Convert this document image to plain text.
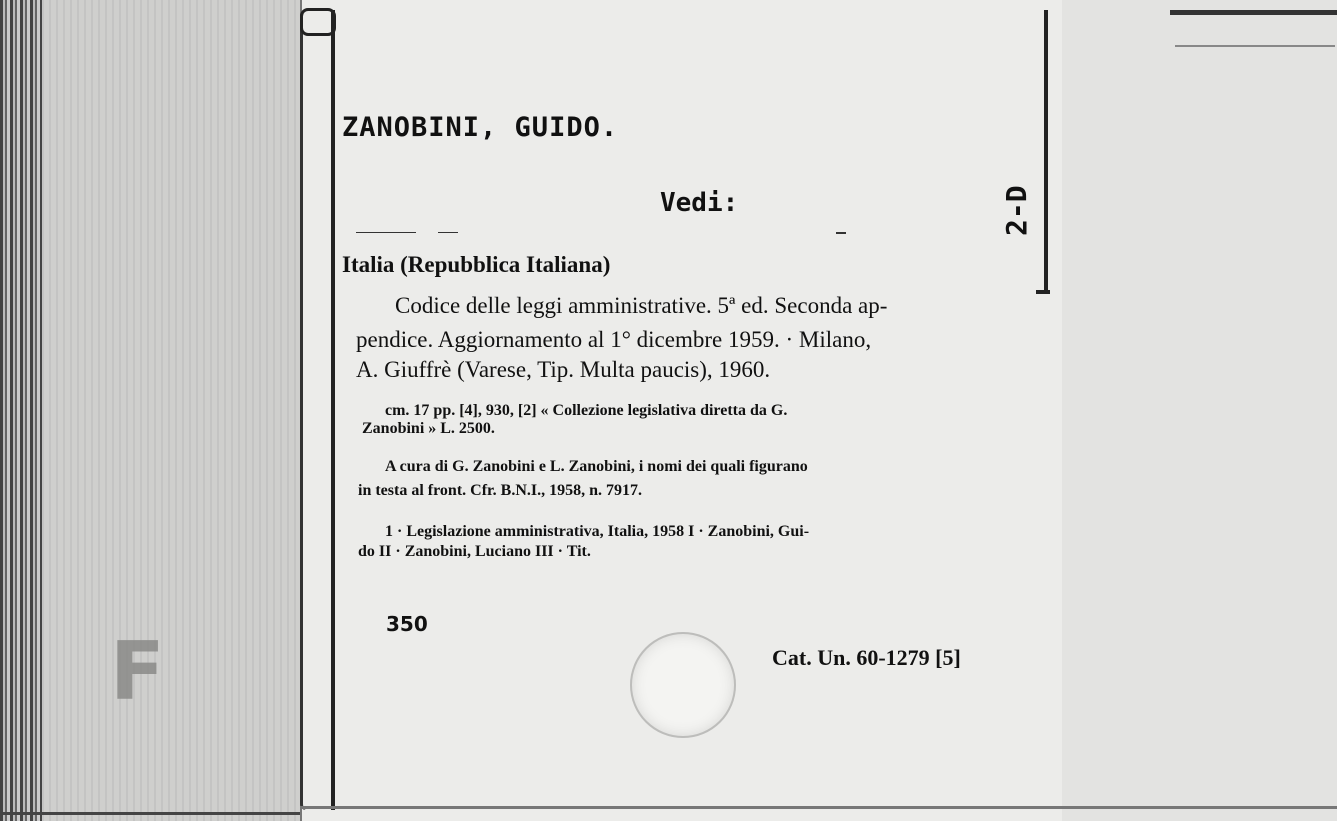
F
ZANOBINI, GUIDO.
Vedi:	2-D
Italia (Repubblica Italiana)
Codice delle leggi amministrative. 5ª ed. Seconda ap-
pendice. Aggiornamento al 1° dicembre 1959. · Milano,
A. Giuffrè (Varese, Tip. Multa paucis), 1960.
cm. 17 pp. [4], 930, [2] « Collezione legislativa diretta da G.
Zanobini » L. 2500.
A cura di G. Zanobini e L. Zanobini, i nomi dei quali figurano
in testa al front. Cfr. B.N.I., 1958, n. 7917.
1 · Legislazione amministrativa, Italia, 1958 I · Zanobini, Gui-
do II · Zanobini, Luciano III · Tit.
350
Cat. Un. 60-1279 [5]
